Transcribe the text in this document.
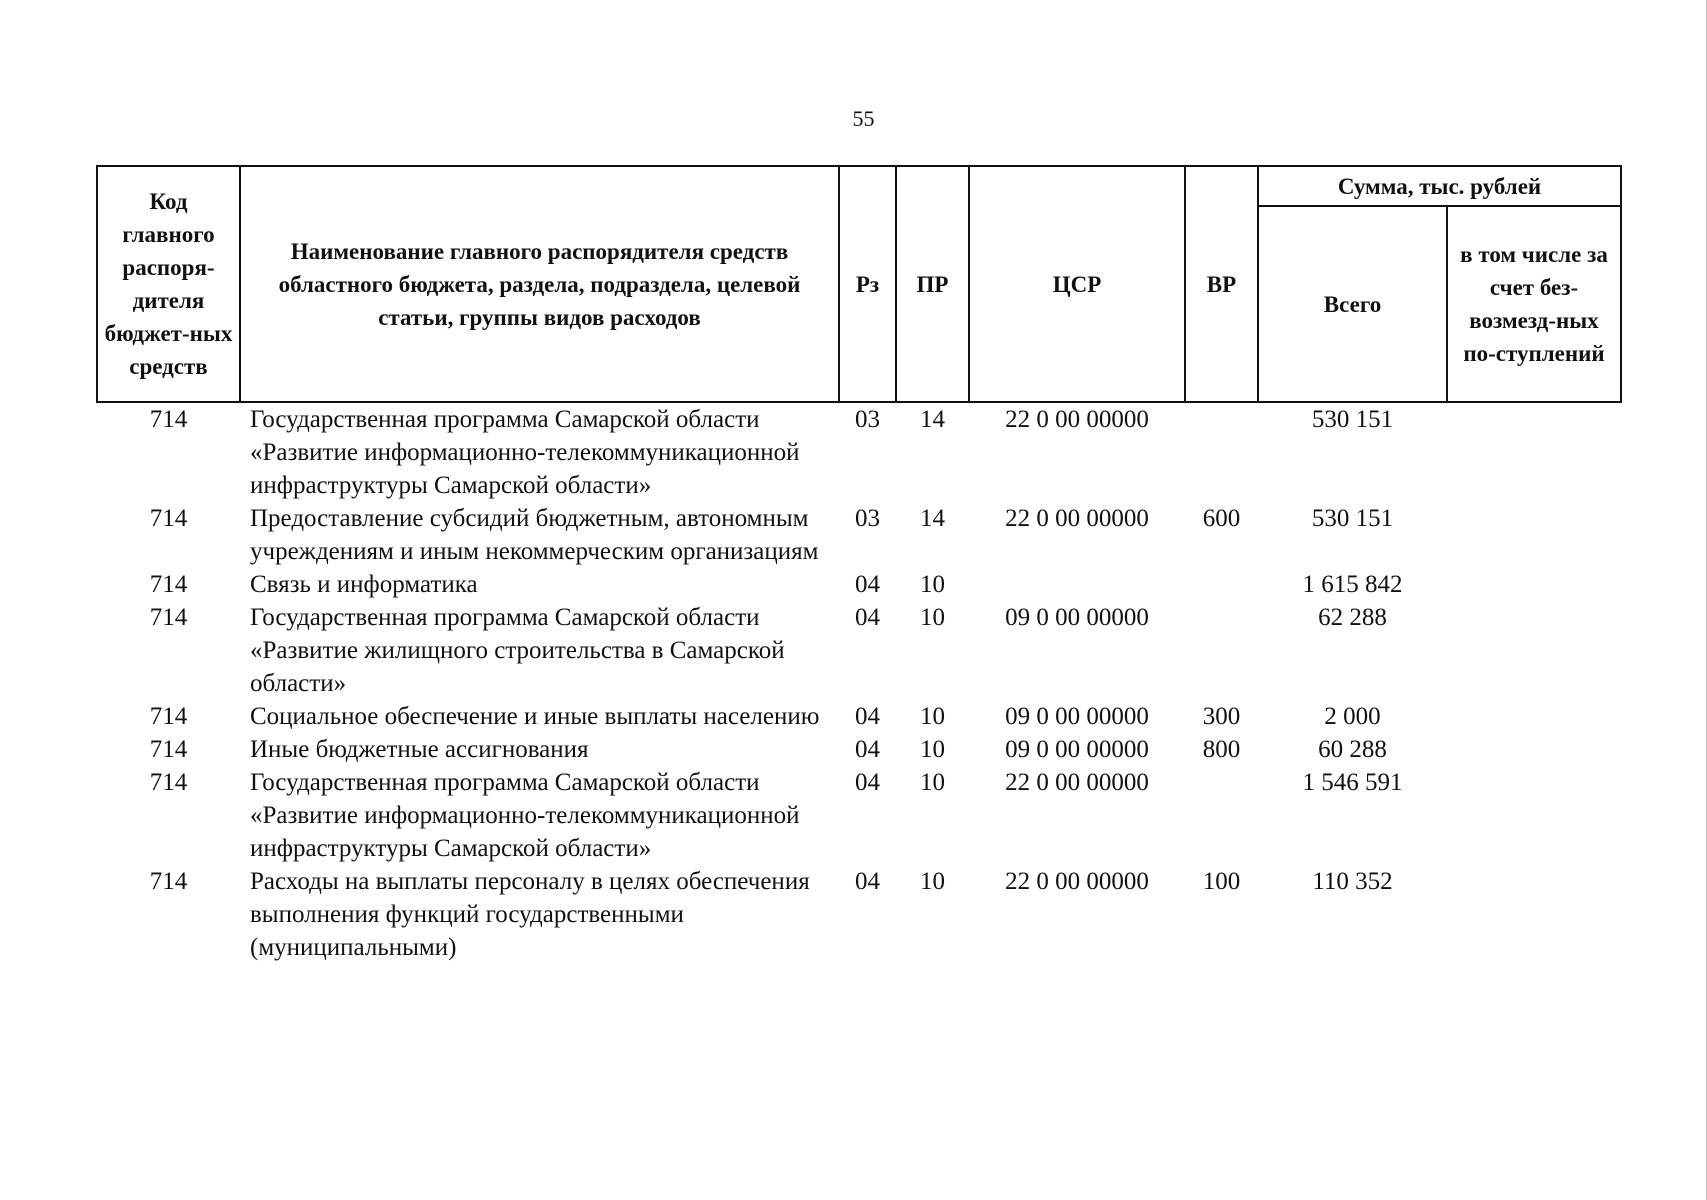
55
Код главного распоря-дителя бюджет-ных средств	Наименование главного распорядителя средств областного бюджета, раздела, подраздела, целевой статьи, группы видов расходов	Рз	ПР	ЦСР	ВР	Сумма, тыс. рублей	
						Всего	в том числе за счет без-возмезд-ных по-ступлений
714	Государственная программа Самарской области «Развитие информационно-телекоммуникационной инфраструктуры Самарской области»	03	14	22 0 00 00000		530 151	
714	Предоставление субсидий бюджетным, автономным учреждениям и иным некоммерческим организациям	03	14	22 0 00 00000	600	530 151	
714	Связь и информатика	04	10			1 615 842	
714	Государственная программа Самарской области «Развитие жилищного строительства в Самарской области»	04	10	09 0 00 00000		62 288	
714	Социальное обеспечение и иные выплаты населению	04	10	09 0 00 00000	300	2 000	
714	Иные бюджетные ассигнования	04	10	09 0 00 00000	800	60 288	
714	Государственная программа Самарской области «Развитие информационно-телекоммуникационной инфраструктуры Самарской области»	04	10	22 0 00 00000		1 546 591	
714	Расходы на выплаты персоналу в целях обеспечения выполнения функций государственными (муниципальными)	04	10	22 0 00 00000	100	110 352	
